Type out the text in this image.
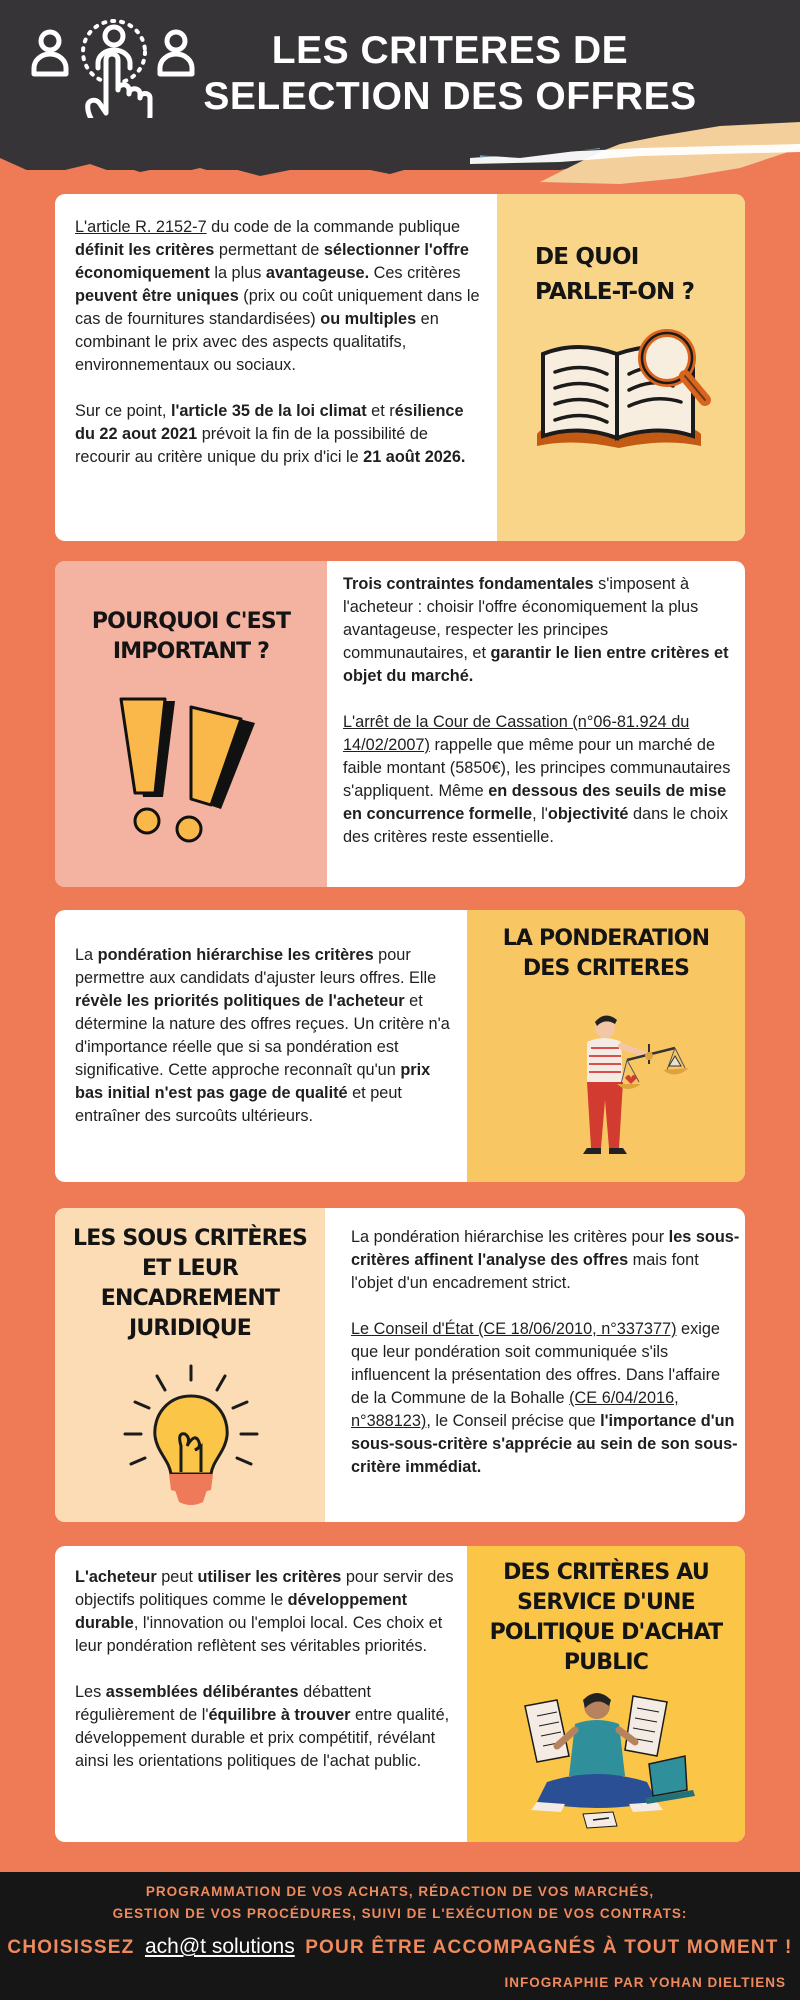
LES CRITERES DE
SELECTION DES OFFRES

L'article R. 2152-7 du code de la commande publique définit les critères permettant de sélectionner l'offre économiquement la plus avantageuse. Ces critères peuvent être uniques (prix ou coût uniquement dans le cas de fournitures standardisées) ou multiples en combinant le prix avec des aspects qualitatifs, environnementaux ou sociaux.

Sur ce point, l'article 35 de la loi climat et résilience du 22 aout 2021 prévoit la fin de la possibilité de recourir au critère unique du prix d'ici le 21 août 2026.

DE QUOI PARLE-T-ON ?
POURQUOI C'EST IMPORTANT ?

Trois contraintes fondamentales s'imposent à l'acheteur : choisir l'offre économiquement la plus avantageuse, respecter les principes communautaires, et garantir le lien entre critères et objet du marché.

L'arrêt de la Cour de Cassation (n°06-81.924 du 14/02/2007) rappelle que même pour un marché de faible montant (5850€), les principes communautaires s'appliquent. Même en dessous des seuils de mise en concurrence formelle, l'objectivité dans le choix des critères reste essentielle.

La pondération hiérarchise les critères pour permettre aux candidats d'ajuster leurs offres. Elle révèle les priorités politiques de l'acheteur et détermine la nature des offres reçues. Un critère n'a d'importance réelle que si sa pondération est significative. Cette approche reconnaît qu'un prix bas initial n'est pas gage de qualité et peut entraîner des surcoûts ultérieurs.

LA PONDERATION DES CRITERES
LES SOUS CRITÈRES ET LEUR ENCADREMENT JURIDIQUE

La pondération hiérarchise les critères pour les sous-critères affinent l'analyse des offres mais font l'objet d'un encadrement strict.

Le Conseil d'État (CE 18/06/2010, n°337377) exige que leur pondération soit communiquée s'ils influencent la présentation des offres. Dans l'affaire de la Commune de la Bohalle (CE 6/04/2016, n°388123), le Conseil précise que l'importance d'un sous-sous-critère s'apprécie au sein de son sous-critère immédiat.

L'acheteur peut utiliser les critères pour servir des objectifs politiques comme le développement durable, l'innovation ou l'emploi local. Ces choix et leur pondération reflètent ses véritables priorités.

Les assemblées délibérantes débattent régulièrement de l'équilibre à trouver entre qualité, développement durable et prix compétitif, révélant ainsi les orientations politiques de l'achat public.

DES CRITÈRES AU SERVICE D'UNE POLITIQUE D'ACHAT PUBLIC
PROGRAMMATION DE VOS ACHATS, RÉDACTION DE VOS MARCHÉS,
GESTION DE VOS PROCÉDURES, SUIVI DE L'EXÉCUTION DE VOS CONTRATS:
CHOISISSEZ ach@t solutions POUR ÊTRE ACCOMPAGNÉS À TOUT MOMENT !
INFOGRAPHIE PAR YOHAN DIELTIENS
